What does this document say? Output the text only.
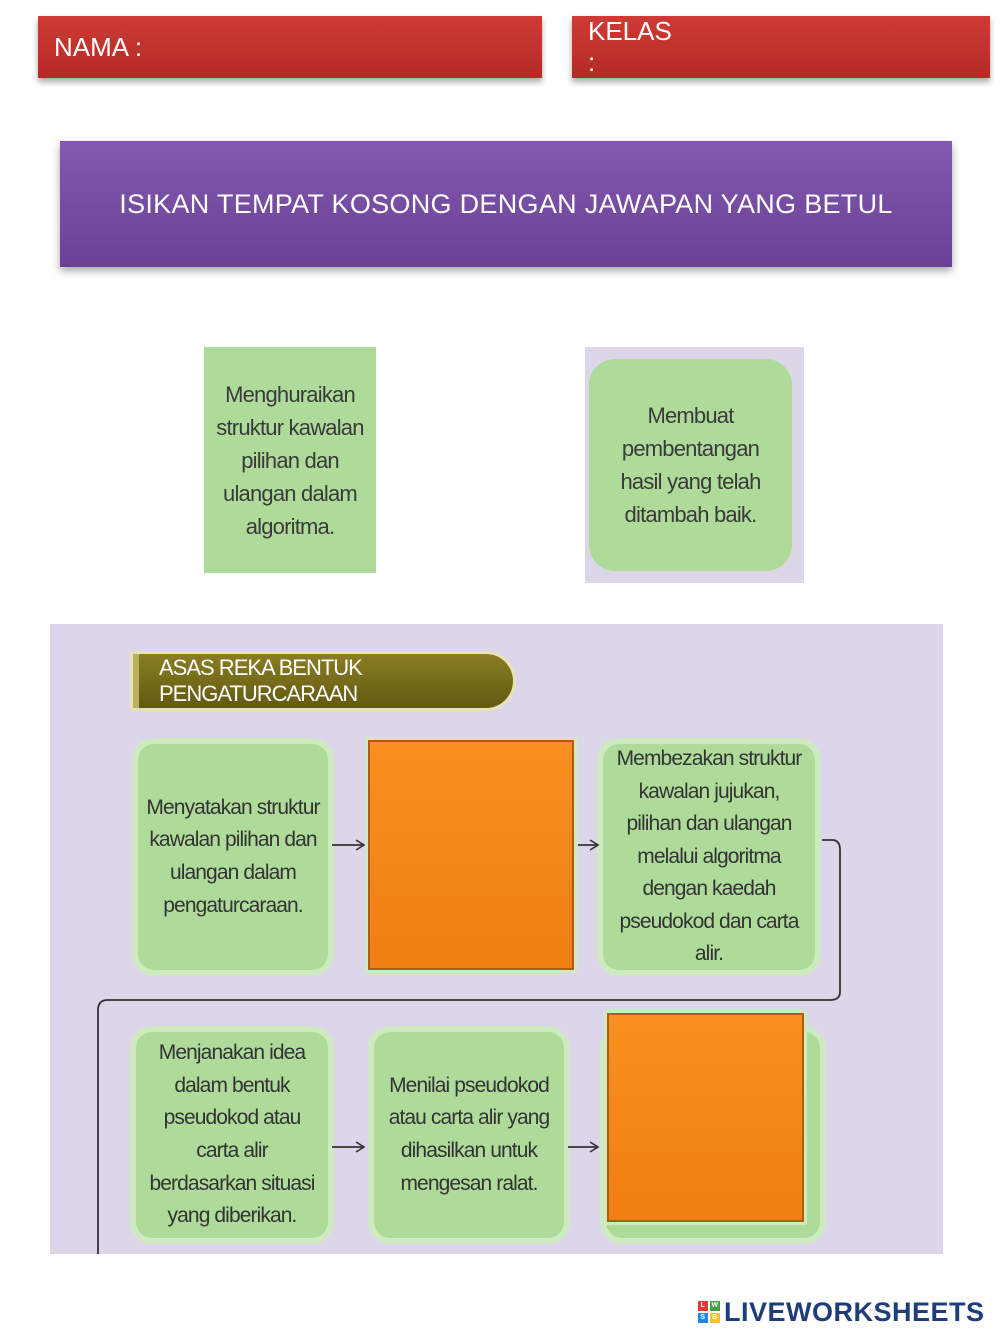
NAMA :
KELAS :
ISIKAN TEMPAT KOSONG DENGAN JAWAPAN YANG BETUL
Menghuraikan struktur kawalan pilihan dan ulangan dalam algoritma.
Membuat pembentangan hasil yang telah ditambah baik.
ASAS REKA BENTUK PENGATURCARAAN
Menyatakan struktur kawalan pilihan dan ulangan dalam pengaturcaraan.
Membezakan struktur kawalan jujukan, pilihan dan ulangan melalui algoritma dengan kaedah pseudokod dan carta alir.
Menjanakan idea dalam bentuk pseudokod atau carta alir berdasarkan situasi yang diberikan.
Menilai pseudokod atau carta alir yang dihasilkan untuk mengesan ralat.
L W
S B LIVEWORKSHEETS
